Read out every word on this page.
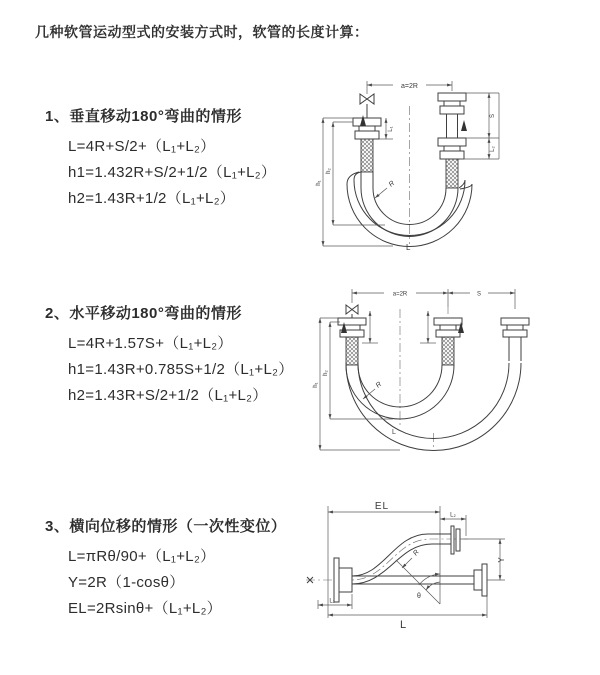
几种软管运动型式的安装方式时，软管的长度计算：
1、垂直移动180°弯曲的情形
L=4R+S/2+（L₁+L₂）
h1=1.432R+S/2+1/2（L₁+L₂）
h2=1.43R+1/2（L₁+L₂）
2、水平移动180°弯曲的情形
L=4R+1.57S+（L₁+L₂）
h1=1.43R+0.785S+1/2（L₁+L₂）
h2=1.43R+S/2+1/2（L₁+L₂）
3、横向位移的情形（一次性变位）
L=πRθ/90+（L₁+L₂）
Y=2R（1-cosθ）
EL=2Rsinθ+（L₁+L₂）
a=2R
L
h₁
h₂
L₁
S
L₂
R
a=2R	S
L
h₁
h₂
R
EL
L₂
Y
θ
R
L₁
L
